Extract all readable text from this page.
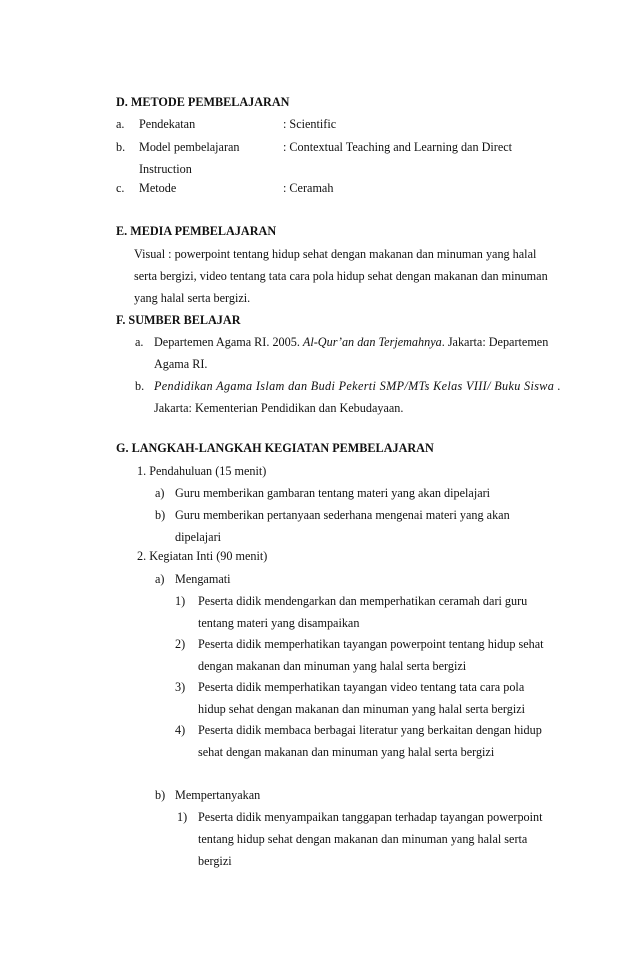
D. METODE PEMBELAJARAN
a. Pendekatan	: Scientific
b. Model pembelajaran	: Contextual Teaching and Learning dan Direct
Instruction
c. Metode	: Ceramah
E. MEDIA PEMBELAJARAN
Visual : powerpoint tentang hidup sehat dengan makanan dan minuman yang halal
serta bergizi, video tentang tata cara pola hidup sehat dengan makanan dan minuman
yang halal serta bergizi.
F. SUMBER BELAJAR
a. Departemen Agama RI. 2005. Al-Qur’an dan Terjemahnya. Jakarta: Departemen
Agama RI.
b. Pendidikan Agama Islam dan Budi Pekerti SMP/MTs Kelas VIII/ Buku Siswa .
Jakarta: Kementerian Pendidikan dan Kebudayaan.
G. LANGKAH-LANGKAH KEGIATAN PEMBELAJARAN
1. Pendahuluan (15 menit)
a) Guru memberikan gambaran tentang materi yang akan dipelajari
b) Guru memberikan pertanyaan sederhana mengenai materi yang akan
dipelajari
2. Kegiatan Inti (90 menit)
a) Mengamati
1) Peserta didik mendengarkan dan memperhatikan ceramah dari guru
tentang materi yang disampaikan
2) Peserta didik memperhatikan tayangan powerpoint tentang hidup sehat
dengan makanan dan minuman yang halal serta bergizi
3) Peserta didik memperhatikan tayangan video tentang tata cara pola
hidup sehat dengan makanan dan minuman yang halal serta bergizi
4) Peserta didik membaca berbagai literatur yang berkaitan dengan hidup
sehat dengan makanan dan minuman yang halal serta bergizi
b) Mempertanyakan
1) Peserta didik menyampaikan tanggapan terhadap tayangan powerpoint
tentang hidup sehat dengan makanan dan minuman yang halal serta
bergizi
